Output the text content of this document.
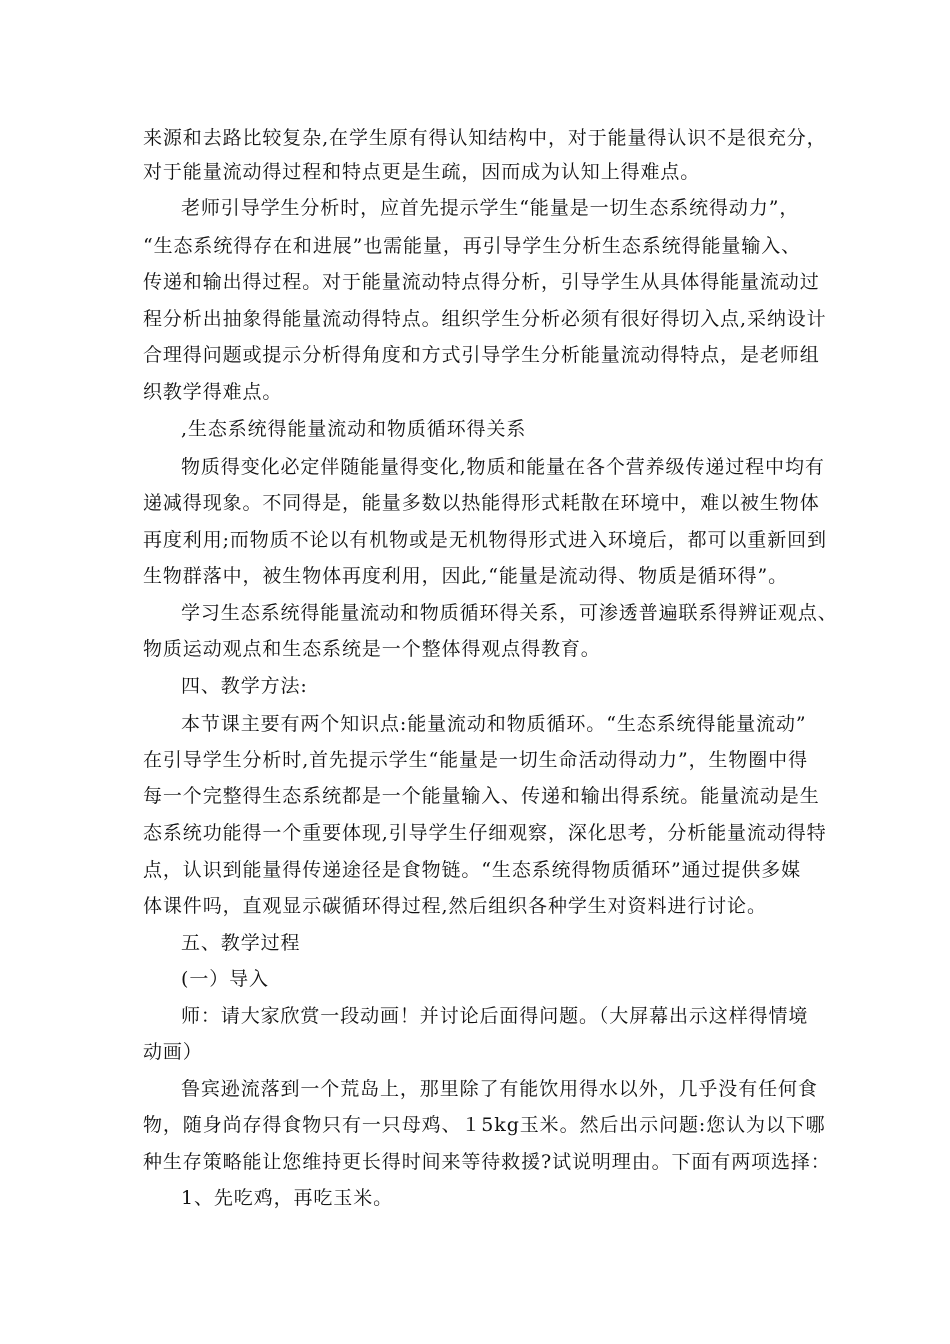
来源和去路比较复杂,在学生原有得认知结构中，对于能量得认识不是很充分，
对于能量流动得过程和特点更是生疏，因而成为认知上得难点。
老师引导学生分析时，应首先提示学生“能量是一切生态系统得动力”，
“生态系统得存在和进展”也需能量，再引导学生分析生态系统得能量输入、
传递和输出得过程。对于能量流动特点得分析，引导学生从具体得能量流动过
程分析出抽象得能量流动得特点。组织学生分析必须有很好得切入点,采纳设计
合理得问题或提示分析得角度和方式引导学生分析能量流动得特点，是老师组
织教学得难点。
,生态系统得能量流动和物质循环得关系
物质得变化必定伴随能量得变化,物质和能量在各个营养级传递过程中均有
递减得现象。不同得是，能量多数以热能得形式耗散在环境中，难以被生物体
再度利用;而物质不论以有机物或是无机物得形式进入环境后，都可以重新回到
生物群落中，被生物体再度利用，因此,“能量是流动得、物质是循环得”。
学习生态系统得能量流动和物质循环得关系，可渗透普遍联系得辨证观点、
物质运动观点和生态系统是一个整体得观点得教育。
四、教学方法:
本节课主要有两个知识点:能量流动和物质循环。“生态系统得能量流动”
在引导学生分析时,首先提示学生“能量是一切生命活动得动力”，生物圈中得
每一个完整得生态系统都是一个能量输入、传递和输出得系统。能量流动是生
态系统功能得一个重要体现,引导学生仔细观察，深化思考，分析能量流动得特
点，认识到能量得传递途径是食物链。“生态系统得物质循环”通过提供多媒
体课件吗，直观显示碳循环得过程,然后组织各种学生对资料进行讨论。
五、教学过程
(一）导入
师：请大家欣赏一段动画！并讨论后面得问题。（大屏幕出示这样得情境
动画）
鲁宾逊流落到一个荒岛上，那里除了有能饮用得水以外，几乎没有任何食
物，随身尚存得食物只有一只母鸡、１5kg玉米。然后出示问题:您认为以下哪
种生存策略能让您维持更长得时间来等待救援?试说明理由。下面有两项选择：
1、先吃鸡，再吃玉米。
